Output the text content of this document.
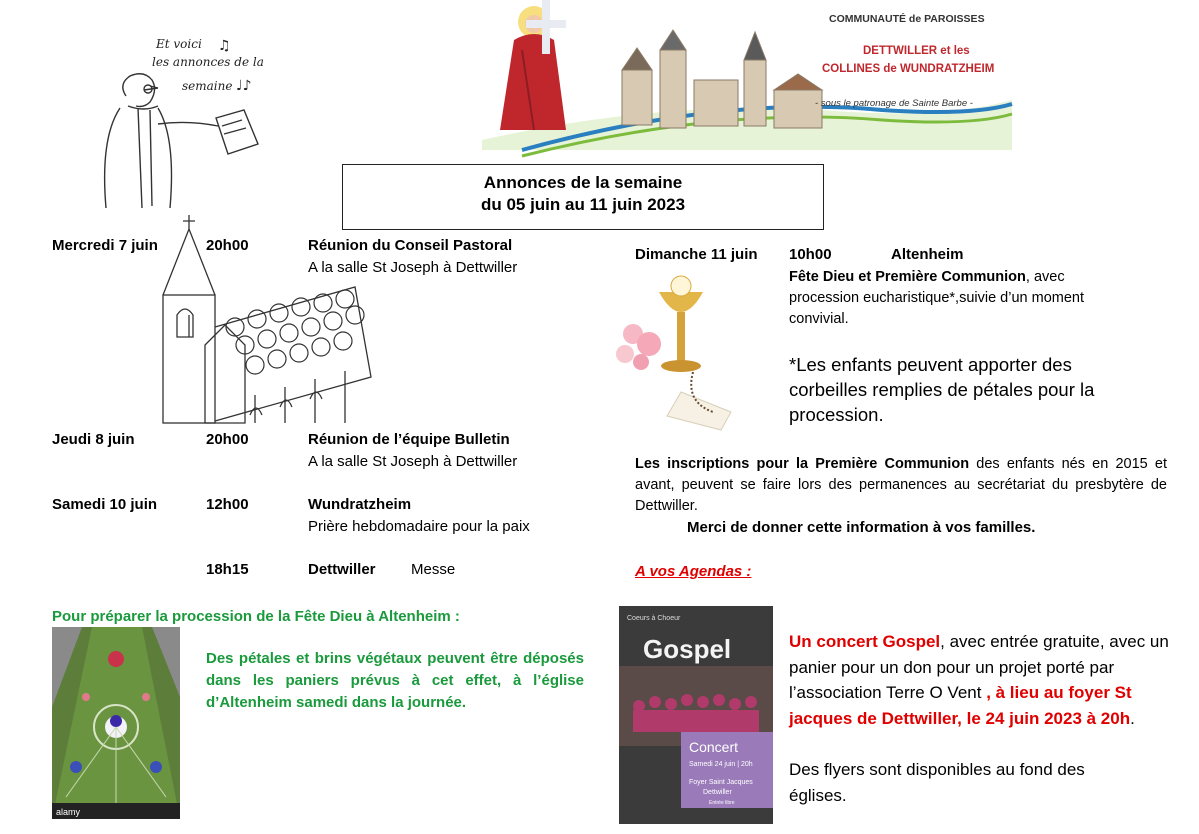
Et voici
les annonces de la
semaine
♫
♩♪
COMMUNAUTÉ de PAROISSES
DETTWILLER et les
COLLINES de WUNDRATZHEIM
- sous le patronage de Sainte Barbe -
Annonces de la semaine
du 05 juin au 11 juin 2023
Mercredi 7 juin	20h00	Réunion du Conseil Pastoral
A la salle St Joseph à Dettwiller
Jeudi 8 juin	20h00	Réunion de l’équipe Bulletin
A la salle St Joseph à Dettwiller
Samedi 10 juin	12h00	Wundratzheim
Prière hebdomadaire pour la paix
18h15	Dettwiller Messe
Pour préparer la procession de la Fête Dieu à Altenheim :
alamy
Des pétales et brins végétaux peuvent être déposés dans les paniers prévus à cet effet, à l’église d’Altenheim samedi dans la journée.
Dimanche 11 juin 10h00	Altenheim
Fête Dieu et Première Communion, avec procession eucharistique*,suivie d’un moment convivial.
*Les enfants peuvent apporter des corbeilles remplies de pétales pour la procession.
Les inscriptions pour la Première Communion des enfants nés en 2015 et avant, peuvent se faire lors des permanences au secrétariat du presbytère de Dettwiller.
Merci de donner cette information à vos familles.
A vos Agendas :
Coeurs à Choeur
Gospel
Concert
Samedi 24 juin | 20h
Foyer Saint Jacques
Dettwiller
Entrée libre
Un concert Gospel, avec entrée gratuite, avec un panier pour un don pour un projet porté par l’association Terre O Vent , à lieu au foyer St jacques de Dettwiller, le 24 juin 2023 à 20h.
Des flyers sont disponibles au fond des églises.
